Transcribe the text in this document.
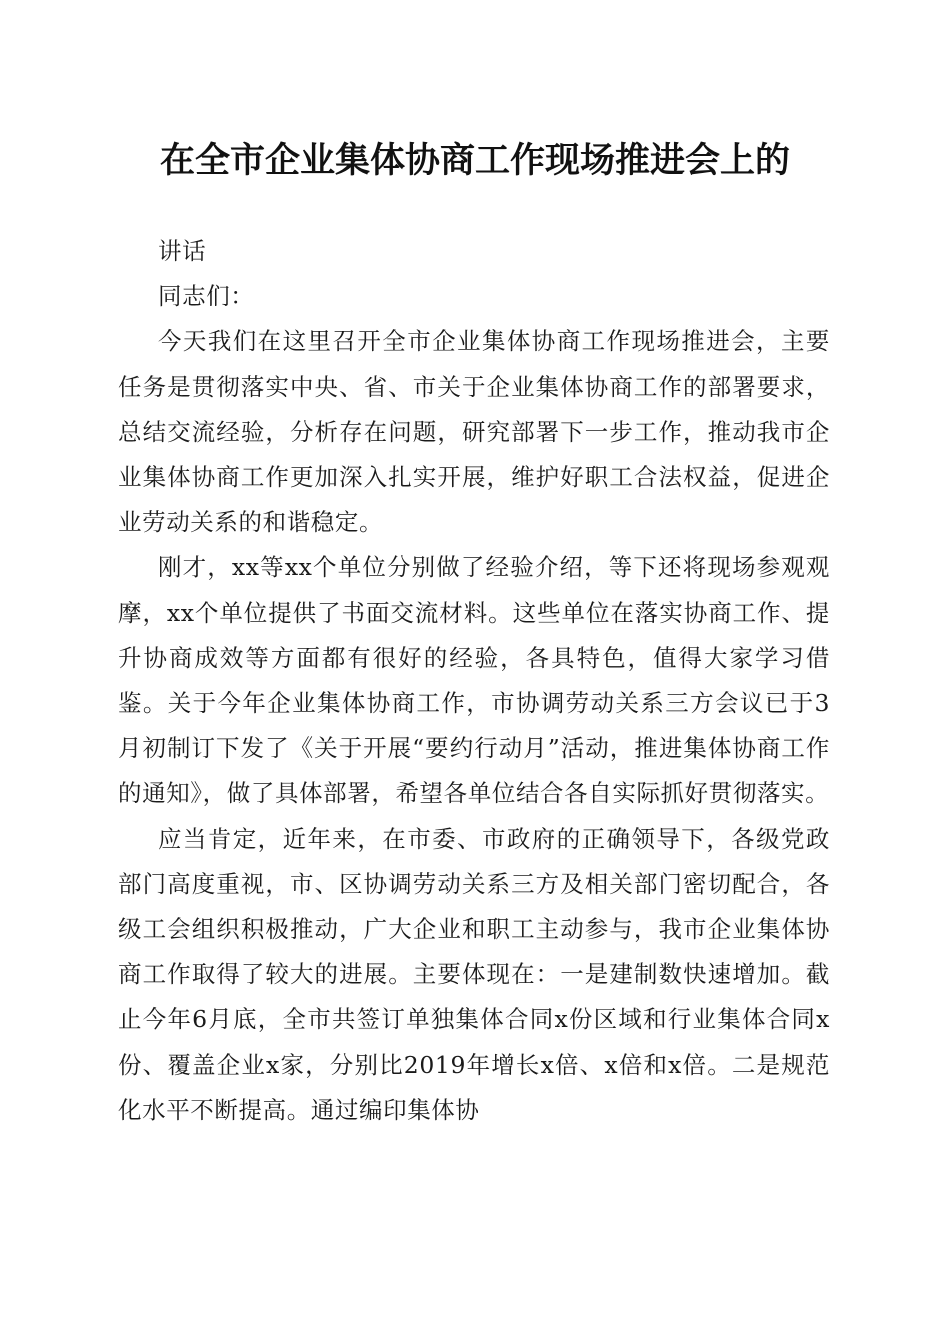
在全市企业集体协商工作现场推进会上的

讲话

同志们：

今天我们在这里召开全市企业集体协商工作现场推进会，主要任务是贯彻落实中央、省、市关于企业集体协商工作的部署要求，总结交流经验，分析存在问题，研究部署下一步工作，推动我市企业集体协商工作更加深入扎实开展，维护好职工合法权益，促进企业劳动关系的和谐稳定。

刚才，xx等xx个单位分别做了经验介绍，等下还将现场参观观摩，xx个单位提供了书面交流材料。这些单位在落实协商工作、提升协商成效等方面都有很好的经验，各具特色，值得大家学习借鉴。关于今年企业集体协商工作，市协调劳动关系三方会议已于3月初制订下发了《关于开展“要约行动月”活动，推进集体协商工作的通知》，做了具体部署，希望各单位结合各自实际抓好贯彻落实。

应当肯定，近年来，在市委、市政府的正确领导下，各级党政部门高度重视，市、区协调劳动关系三方及相关部门密切配合，各级工会组织积极推动，广大企业和职工主动参与，我市企业集体协商工作取得了较大的进展。主要体现在：一是建制数快速增加。截止今年6月底，全市共签订单独集体合同x份区域和行业集体合同x份、覆盖企业x家，分别比2019年增长x倍、x倍和x倍。二是规范化水平不断提高。通过编印集体协
